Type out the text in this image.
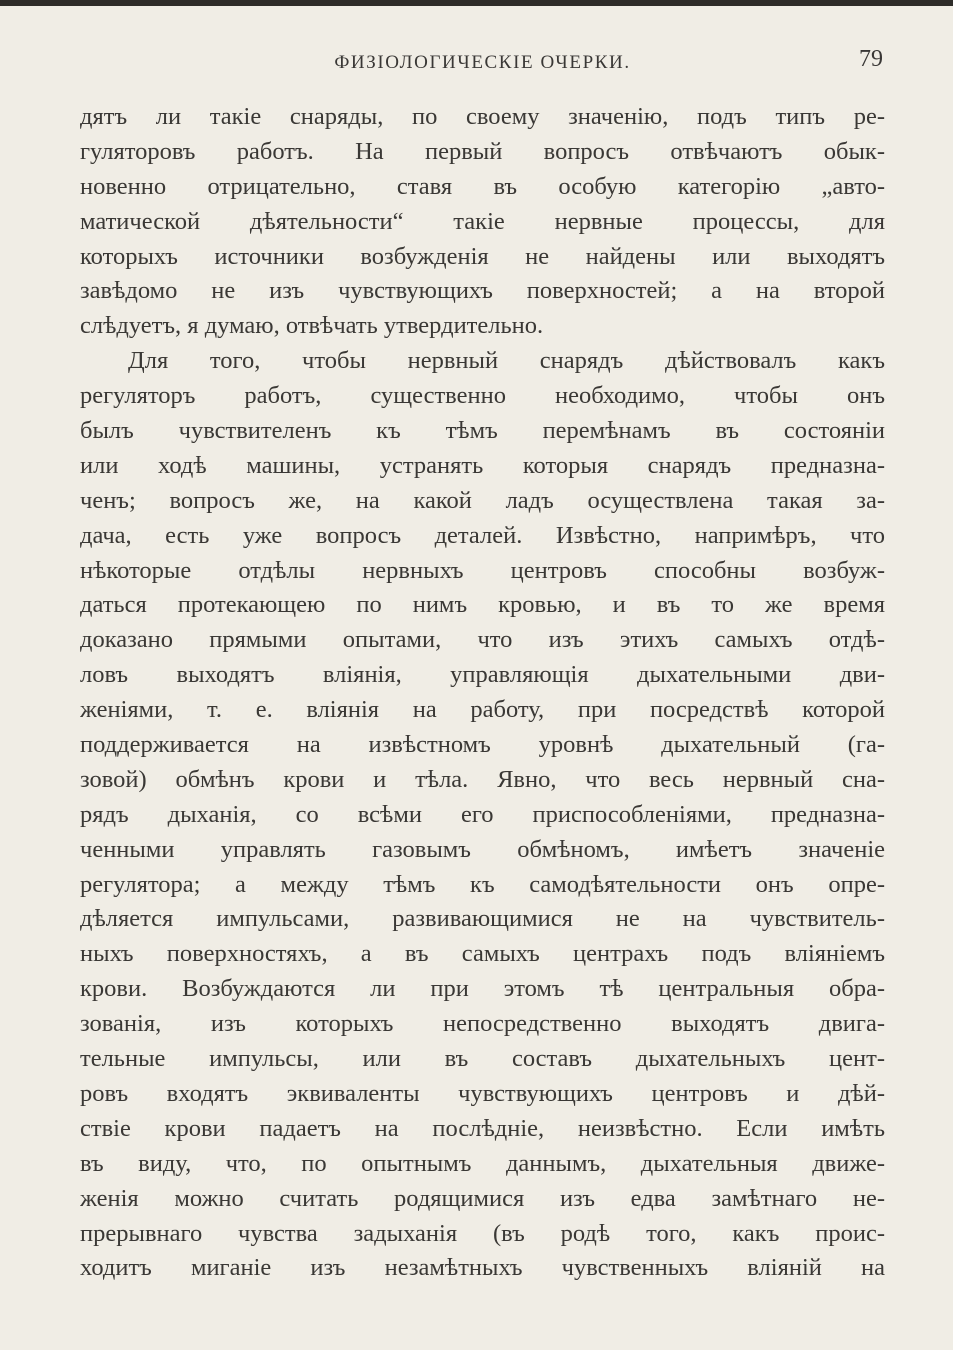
ФИЗIОЛОГИЧЕСКIЕ ОЧЕРКИ.	79
дятъ ли такiе снаряды, по своему значенiю, подъ типъ ре-
гуляторовъ работъ. На первый вопросъ отвѣчаютъ обык-
новенно отрицательно, ставя въ особую категорiю „авто-
матической дѣятельности“ такiе нервные процессы, для
которыхъ источники возбужденiя не найдены или выходятъ
завѣдомо не изъ чувствующихъ поверхностей; а на второй
слѣдуетъ, я думаю, отвѣчать утвердительно.
Для того, чтобы нервный снарядъ дѣйствовалъ какъ
регуляторъ работъ, существенно необходимо, чтобы онъ
былъ чувствителенъ къ тѣмъ перемѣнамъ въ состоянiи
или ходѣ машины, устранять которыя снарядъ предназна-
ченъ; вопросъ же, на какой ладъ осуществлена такая за-
дача, есть уже вопросъ деталей. Извѣстно, напримѣръ, что
нѣкоторые отдѣлы нервныхъ центровъ способны возбуж-
даться протекающею по нимъ кровью, и въ то же время
доказано прямыми опытами, что изъ этихъ самыхъ отдѣ-
ловъ выходятъ влiянiя, управляющiя дыхательными дви-
женiями, т. е. влiянiя на работу, при посредствѣ которой
поддерживается на извѣстномъ уровнѣ дыхательный (га-
зовой) обмѣнъ крови и тѣла. Явно, что весь нервный сна-
рядъ дыханiя, со всѣми его приспособленiями, предназна-
ченными управлять газовымъ обмѣномъ, имѣетъ значенiе
регулятора; а между тѣмъ къ самодѣятельности онъ опре-
дѣляется импульсами, развивающимися не на чувствитель-
ныхъ поверхностяхъ, а въ самыхъ центрахъ подъ влiянiемъ
крови. Возбуждаются ли при этомъ тѣ центральныя обра-
зованiя, изъ которыхъ непосредственно выходятъ двига-
тельные импульсы, или въ составъ дыхательныхъ цент-
ровъ входятъ эквиваленты чувствующихъ центровъ и дѣй-
ствiе крови падаетъ на послѣднiе, неизвѣстно. Если имѣть
въ виду, что, по опытнымъ даннымъ, дыхательныя движе-
женiя можно считать родящимися изъ едва замѣтнаго не-
прерывнаго чувства задыханiя (въ родѣ того, какъ проис-
ходитъ миганiе изъ незамѣтныхъ чувственныхъ влiянiй на
